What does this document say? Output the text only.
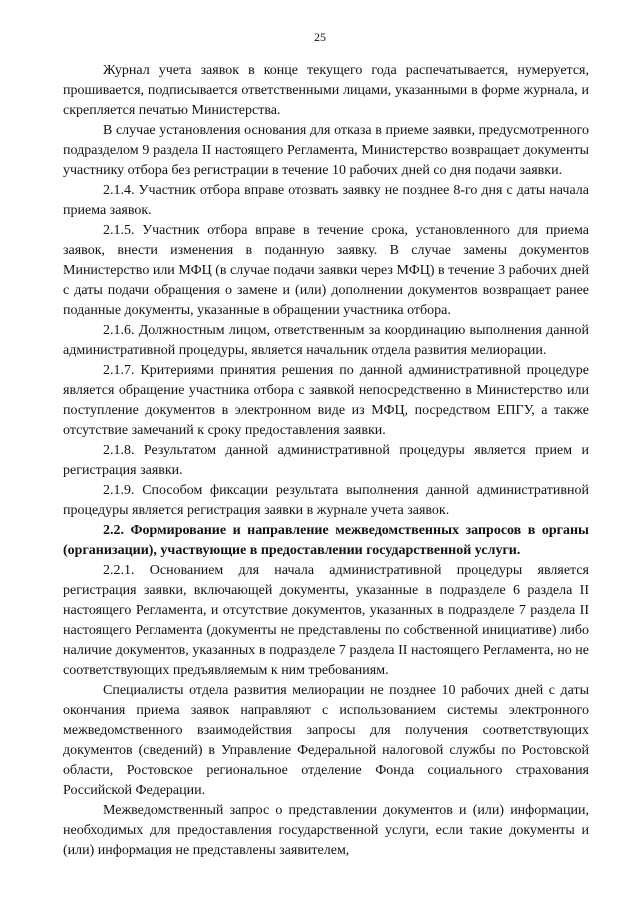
25

Журнал учета заявок в конце текущего года распечатывается, нумеруется, прошивается, подписывается ответственными лицами, указанными в форме журнала, и скрепляется печатью Министерства.

В случае установления основания для отказа в приеме заявки, предусмотренного подразделом 9 раздела II настоящего Регламента, Министерство возвращает документы участнику отбора без регистрации в течение 10 рабочих дней со дня подачи заявки.

2.1.4. Участник отбора вправе отозвать заявку не позднее 8-го дня с даты начала приема заявок.

2.1.5. Участник отбора вправе в течение срока, установленного для приема заявок, внести изменения в поданную заявку. В случае замены документов Министерство или МФЦ (в случае подачи заявки через МФЦ) в течение 3 рабочих дней с даты подачи обращения о замене и (или) дополнении документов возвращает ранее поданные документы, указанные в обращении участника отбора.

2.1.6. Должностным лицом, ответственным за координацию выполнения данной административной процедуры, является начальник отдела развития мелиорации.

2.1.7. Критериями принятия решения по данной административной процедуре является обращение участника отбора с заявкой непосредственно в Министерство или поступление документов в электронном виде из МФЦ, посредством ЕПГУ, а также отсутствие замечаний к сроку предоставления заявки.

2.1.8. Результатом данной административной процедуры является прием и регистрация заявки.

2.1.9. Способом фиксации результата выполнения данной административной процедуры является регистрация заявки в журнале учета заявок.

2.2. Формирование и направление межведомственных запросов в органы (организации), участвующие в предоставлении государственной услуги.

2.2.1. Основанием для начала административной процедуры является регистрация заявки, включающей документы, указанные в подразделе 6 раздела II настоящего Регламента, и отсутствие документов, указанных в подразделе 7 раздела II настоящего Регламента (документы не представлены по собственной инициативе) либо наличие документов, указанных в подразделе 7 раздела II настоящего Регламента, но не соответствующих предъявляемым к ним требованиям.

Специалисты отдела развития мелиорации не позднее 10 рабочих дней с даты окончания приема заявок направляют с использованием системы электронного межведомственного взаимодействия запросы для получения соответствующих документов (сведений) в Управление Федеральной налоговой службы по Ростовской области, Ростовское региональное отделение Фонда социального страхования Российской Федерации.

Межведомственный запрос о представлении документов и (или) информации, необходимых для предоставления государственной услуги, если такие документы и (или) информация не представлены заявителем,
